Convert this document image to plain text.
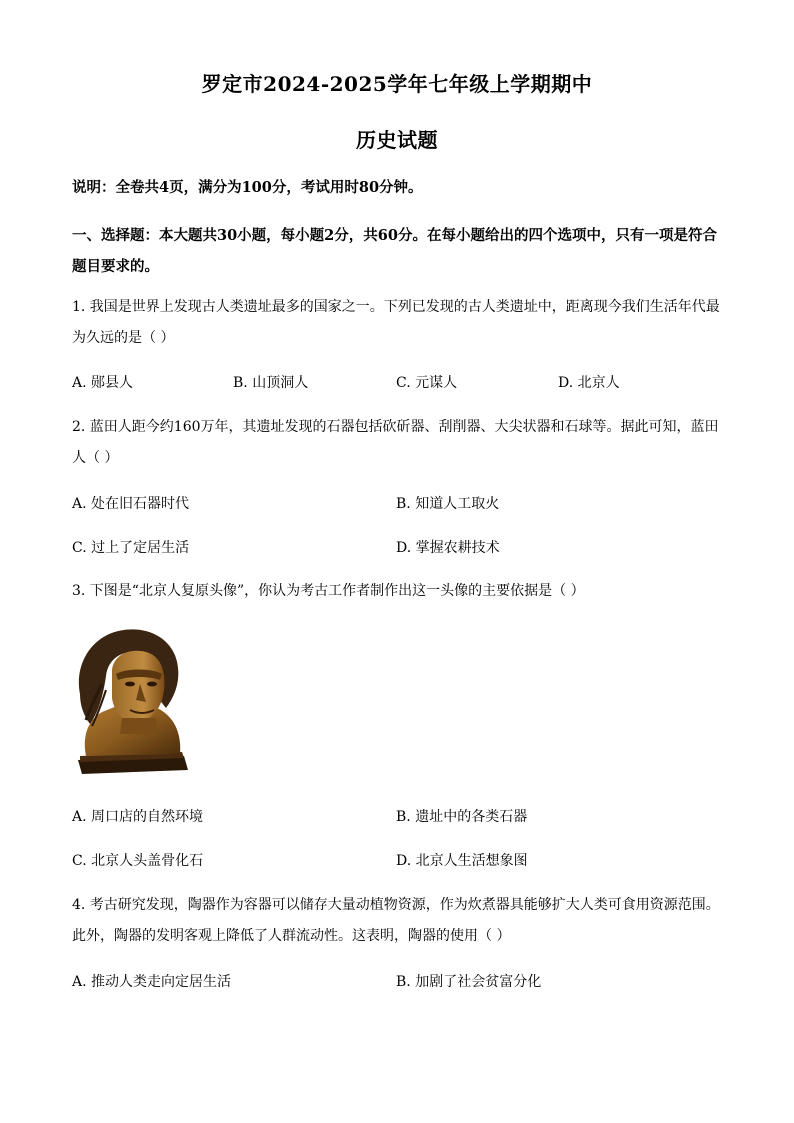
罗定市2024-2025学年七年级上学期期中
历史试题
说明：全卷共4页，满分为100分，考试用时80分钟。
一、选择题：本大题共30小题，每小题2分，共60分。在每小题给出的四个选项中，只有一项是符合题目要求的。
1. 我国是世界上发现古人类遗址最多的国家之一。下列已发现的古人类遗址中，距离现今我们生活年代最为久远的是（ ）
A. 郧县人	B. 山顶洞人	C. 元谋人	D. 北京人
2. 蓝田人距今约160万年，其遗址发现的石器包括砍斫器、刮削器、大尖状器和石球等。据此可知，蓝田人（ ）
A. 处在旧石器时代	B. 知道人工取火
C. 过上了定居生活	D. 掌握农耕技术
3. 下图是“北京人复原头像”，你认为考古工作者制作出这一头像的主要依据是（ ）
A. 周口店的自然环境	B. 遗址中的各类石器
C. 北京人头盖骨化石	D. 北京人生活想象图
4. 考古研究发现，陶器作为容器可以储存大量动植物资源，作为炊煮器具能够扩大人类可食用资源范围。此外，陶器的发明客观上降低了人群流动性。这表明，陶器的使用（ ）
A. 推动人类走向定居生活	B. 加剧了社会贫富分化
